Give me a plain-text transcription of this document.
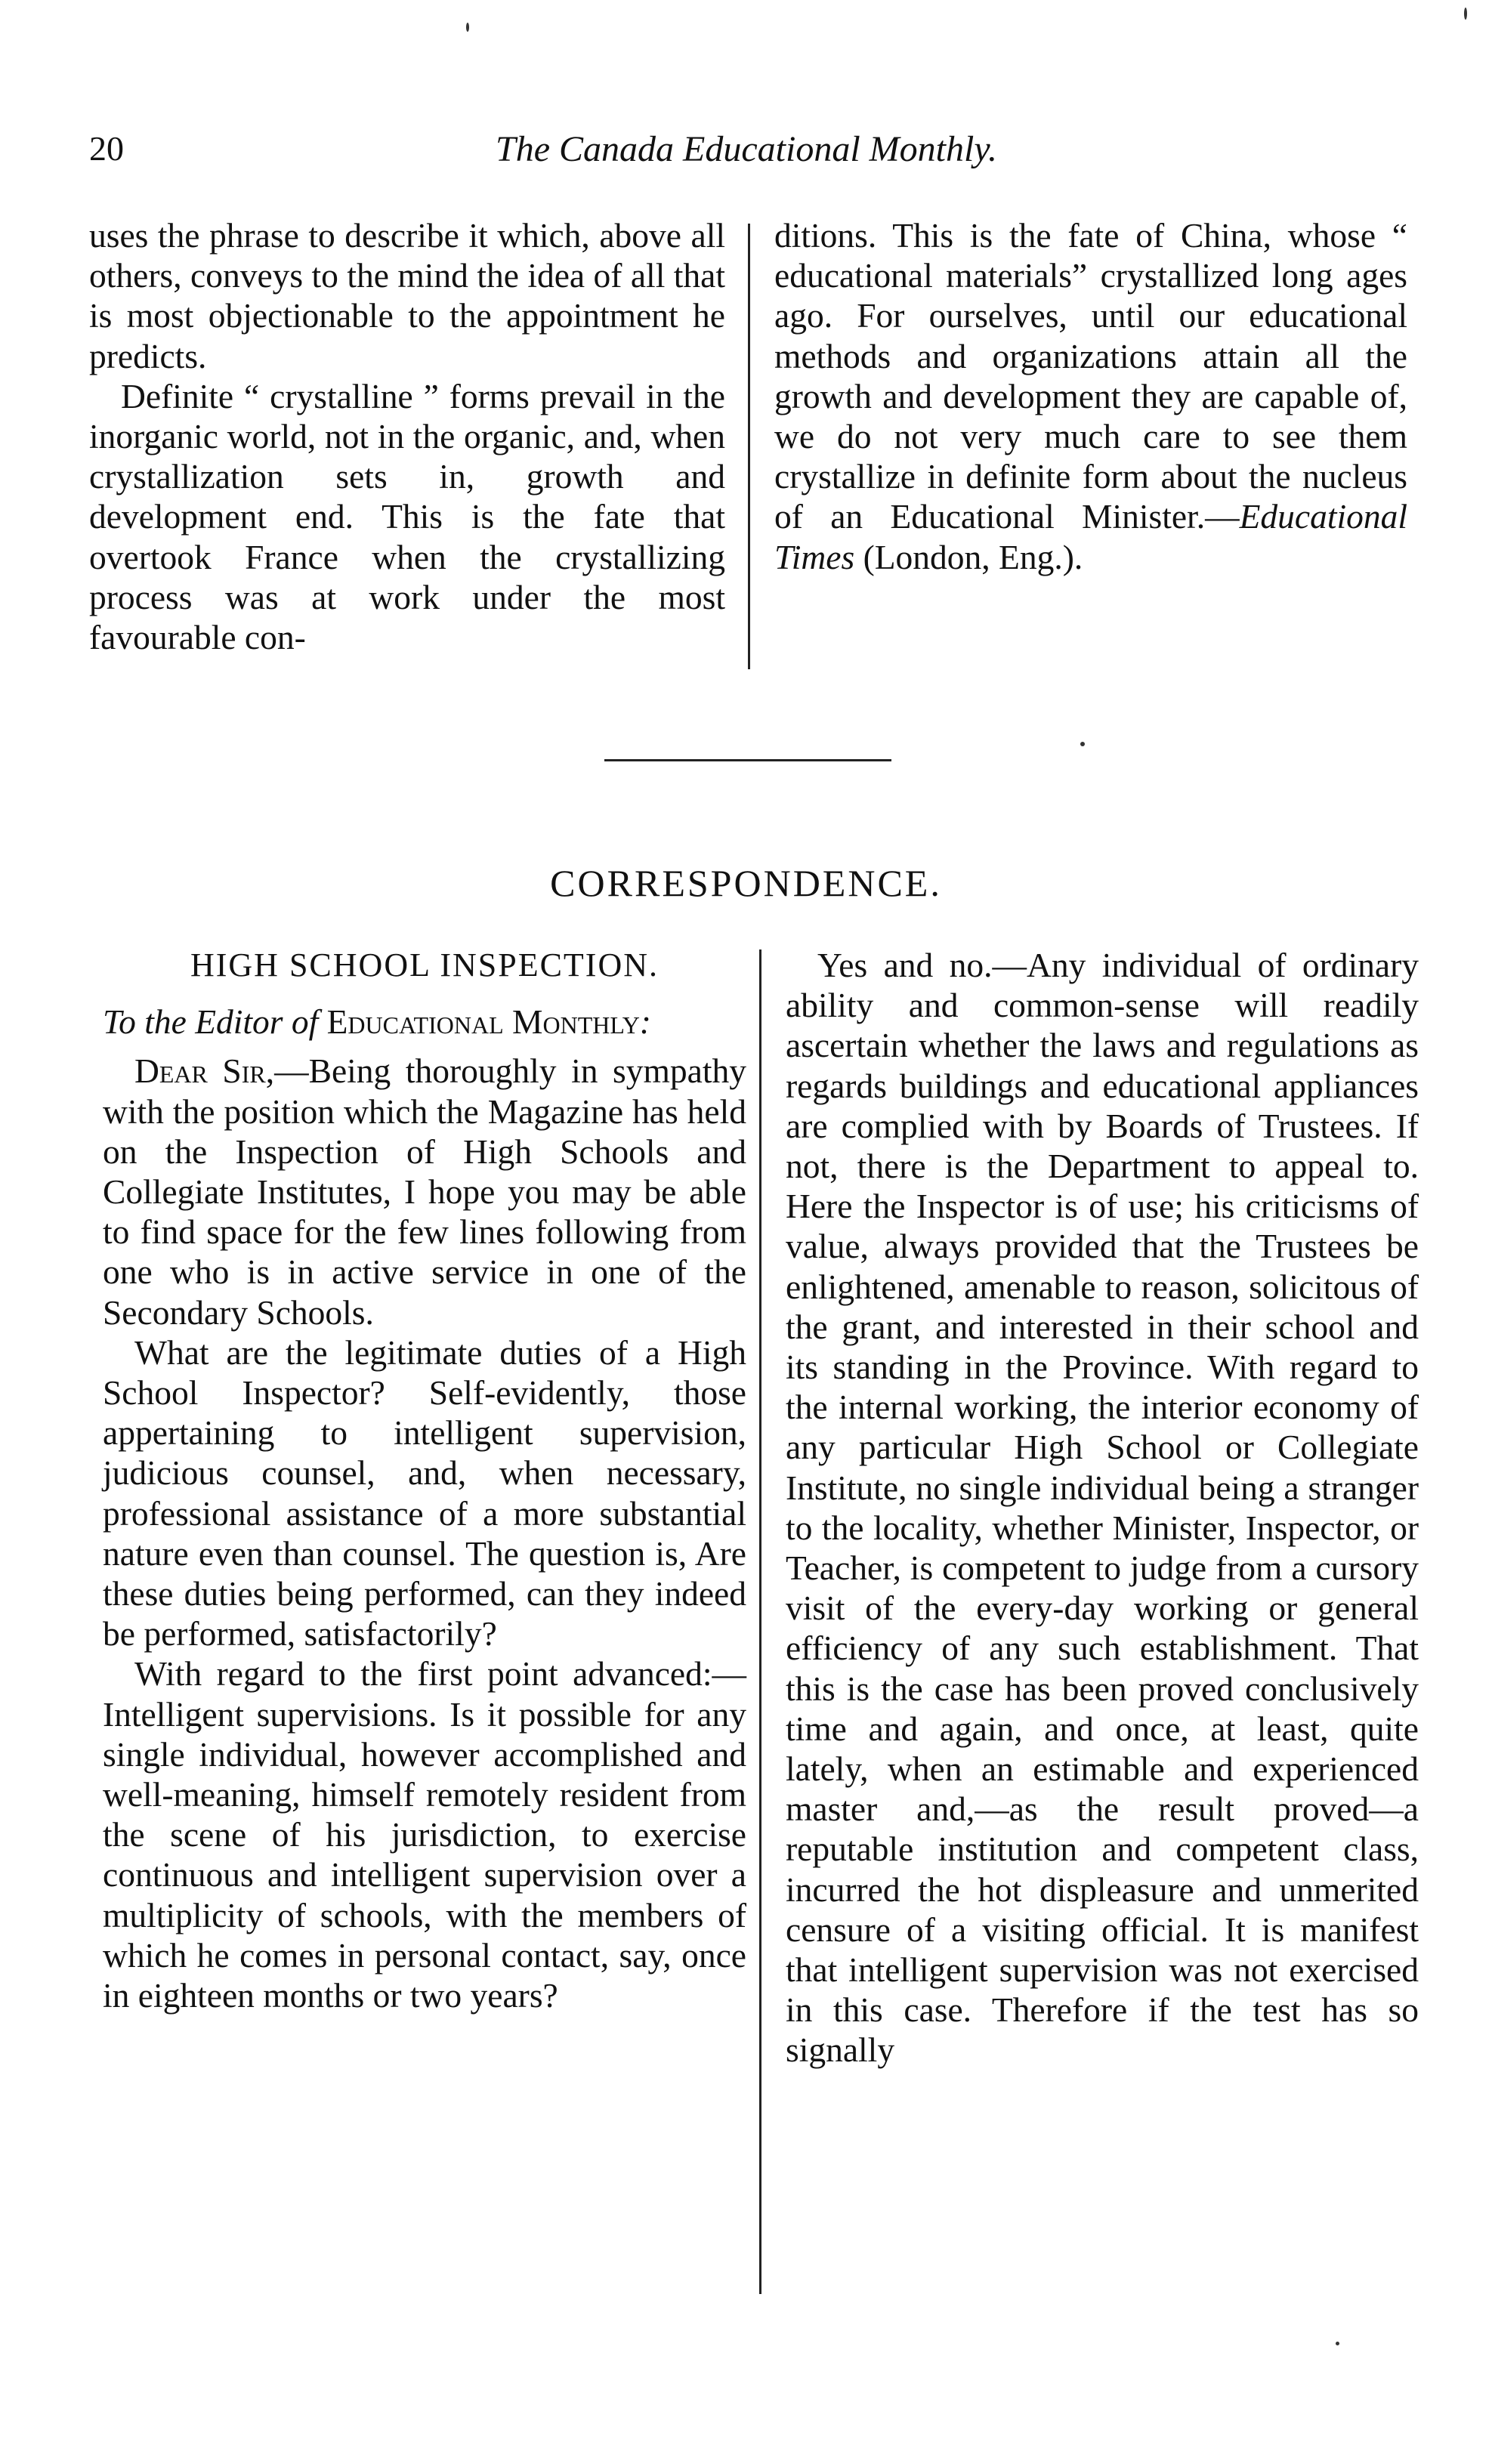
20	The Canada Educational Monthly.

uses the phrase to describe it which, above all others, conveys to the mind the idea of all that is most objectionable to the appointment he predicts.

Definite “ crystalline ” forms prevail in the inorganic world, not in the organic, and, when crystallization sets in, growth and development end. This is the fate that overtook France when the crystallizing process was at work under the most favourable con-

ditions. This is the fate of China, whose “ educational materials” crystallized long ages ago. For ourselves, until our educational methods and organizations attain all the growth and development they are capable of, we do not very much care to see them crystallize in definite form about the nucleus of an Educational Minister.—Educational Times (London, Eng.).

CORRESPONDENCE.

HIGH SCHOOL INSPECTION.

To the Editor of Educational Monthly:

Dear Sir,—Being thoroughly in sympathy with the position which the Magazine has held on the Inspection of High Schools and Collegiate Institutes, I hope you may be able to find space for the few lines following from one who is in active service in one of the Secondary Schools.

What are the legitimate duties of a High School Inspector? Self-evidently, those appertaining to intelligent supervision, judicious counsel, and, when necessary, professional assistance of a more substantial nature even than counsel. The question is, Are these duties being performed, can they indeed be performed, satisfactorily?

With regard to the first point advanced:—Intelligent supervisions. Is it possible for any single individual, however accomplished and well-meaning, himself remotely resident from the scene of his jurisdiction, to exercise continuous and intelligent supervision over a multiplicity of schools, with the members of which he comes in personal contact, say, once in eighteen months or two years?

Yes and no.—Any individual of ordinary ability and common-sense will readily ascertain whether the laws and regulations as regards buildings and educational appliances are complied with by Boards of Trustees. If not, there is the Department to appeal to. Here the Inspector is of use; his criticisms of value, always provided that the Trustees be enlightened, amenable to reason, solicitous of the grant, and interested in their school and its standing in the Province. With regard to the internal working, the interior economy of any particular High School or Collegiate Institute, no single individual being a stranger to the locality, whether Minister, Inspector, or Teacher, is competent to judge from a cursory visit of the every-day working or general efficiency of any such establishment. That this is the case has been proved conclusively time and again, and once, at least, quite lately, when an estimable and experienced master and,—as the result proved—a reputable institution and competent class, incurred the hot displeasure and unmerited censure of a visiting official. It is manifest that intelligent supervision was not exercised in this case. Therefore if the test has so signally
